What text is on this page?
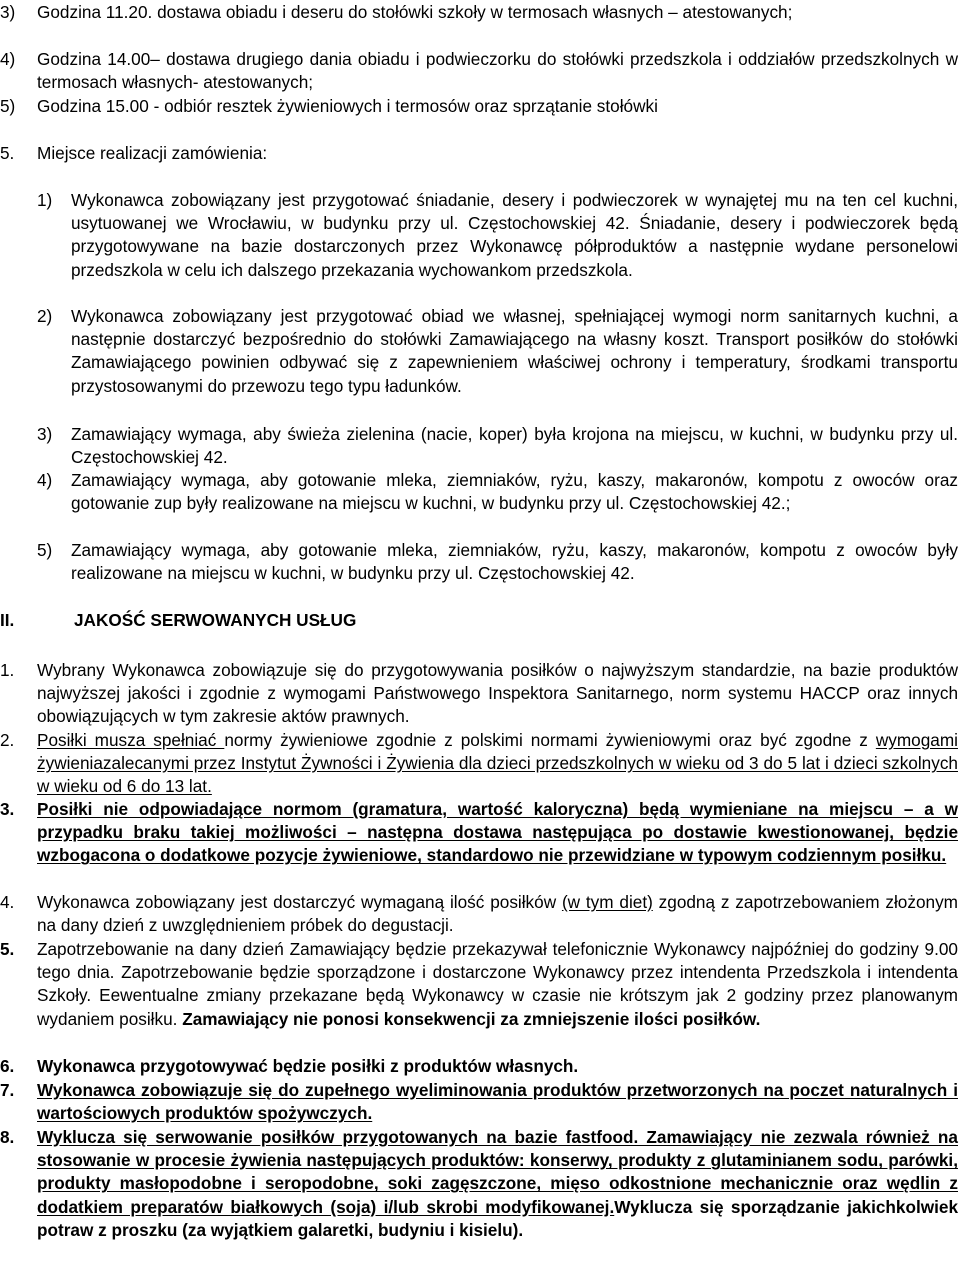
3)	Godzina 11.20. dostawa obiadu i deseru do stołówki szkoły w termosach własnych – atestowanych;
4)	Godzina 14.00– dostawa drugiego dania obiadu i podwieczorku do stołówki przedszkola i oddziałów przedszkolnych w termosach własnych- atestowanych;
5)	Godzina 15.00 - odbiór resztek żywieniowych i termosów oraz sprzątanie stołówki
5.	Miejsce realizacji zamówienia:
1)	Wykonawca zobowiązany jest przygotować śniadanie, desery i podwieczorek w wynajętej mu na ten cel kuchni, usytuowanej we Wrocławiu, w budynku przy ul. Częstochowskiej 42. Śniadanie, desery i podwieczorek będą przygotowywane na bazie dostarczonych przez Wykonawcę półproduktów a następnie wydane personelowi przedszkola w celu ich dalszego przekazania wychowankom przedszkola.
2)	Wykonawca zobowiązany jest przygotować obiad we własnej, spełniającej wymogi norm sanitarnych kuchni, a następnie dostarczyć bezpośrednio do stołówki Zamawiającego na własny koszt. Transport posiłków do stołówki Zamawiającego powinien odbywać się z zapewnieniem właściwej ochrony i temperatury, środkami transportu przystosowanymi do przewozu tego typu ładunków.
3)	Zamawiający wymaga, aby świeża zielenina (nacie, koper) była krojona na miejscu, w kuchni, w budynku przy ul. Częstochowskiej 42.
4)	Zamawiający wymaga, aby gotowanie mleka, ziemniaków, ryżu, kaszy, makaronów, kompotu z owoców oraz gotowanie zup były realizowane na miejscu w kuchni, w budynku przy ul. Częstochowskiej 42.;
5)	Zamawiający wymaga, aby gotowanie mleka, ziemniaków, ryżu, kaszy, makaronów, kompotu z owoców były realizowane na miejscu w kuchni, w budynku przy ul. Częstochowskiej 42.
II.	JAKOŚĆ SERWOWANYCH USŁUG
1.	Wybrany Wykonawca zobowiązuje się do przygotowywania posiłków o najwyższym standardzie, na bazie produktów najwyższej jakości i zgodnie z wymogami Państwowego Inspektora Sanitarnego, norm systemu HACCP oraz innych obowiązujących w tym zakresie aktów prawnych.
2.	Posiłki musza spełniać normy żywieniowe zgodnie z polskimi normami żywieniowymi oraz być zgodne z wymogami żywieniazalecanymi przez Instytut Żywności i Żywienia dla dzieci przedszkolnych w wieku od 3 do 5 lat i dzieci szkolnych w wieku od 6 do 13 lat.
3.	Posiłki nie odpowiadające normom (gramatura, wartość kaloryczna) będą wymieniane na miejscu – a w przypadku braku takiej możliwości – następna dostawa następująca po dostawie kwestionowanej, będzie wzbogacona o dodatkowe pozycje żywieniowe, standardowo nie przewidziane w typowym codziennym posiłku.
4.	Wykonawca zobowiązany jest dostarczyć wymaganą ilość posiłków (w tym diet) zgodną z zapotrzebowaniem złożonym na dany dzień z uwzględnieniem próbek do degustacji.
5.	Zapotrzebowanie na dany dzień Zamawiający będzie przekazywał telefonicznie Wykonawcy najpóźniej do godziny 9.00 tego dnia. Zapotrzebowanie będzie sporządzone i dostarczone Wykonawcy przez intendenta Przedszkola i intendenta Szkoły. Eewentualne zmiany przekazane będą Wykonawcy w czasie nie krótszym jak 2 godziny przez planowanym wydaniem posiłku. Zamawiający nie ponosi konsekwencji za zmniejszenie ilości posiłków.
6.	Wykonawca przygotowywać będzie posiłki z produktów własnych.
7.	Wykonawca zobowiązuje się do zupełnego wyeliminowania produktów przetworzonych na poczet naturalnych i wartościowych produktów spożywczych.
8.	Wyklucza się serwowanie posiłków przygotowanych na bazie fastfood. Zamawiający nie zezwala również na stosowanie w procesie żywienia następujących produktów: konserwy, produkty z glutaminianem sodu, parówki, produkty masłopodobne i seropodobne, soki zagęszczone, mięso odkostnione mechanicznie oraz wędlin z dodatkiem preparatów białkowych (soja) i/lub skrobi modyfikowanej.Wyklucza się sporządzanie jakichkolwiek potraw z proszku (za wyjątkiem galaretki, budyniu i kisielu).
